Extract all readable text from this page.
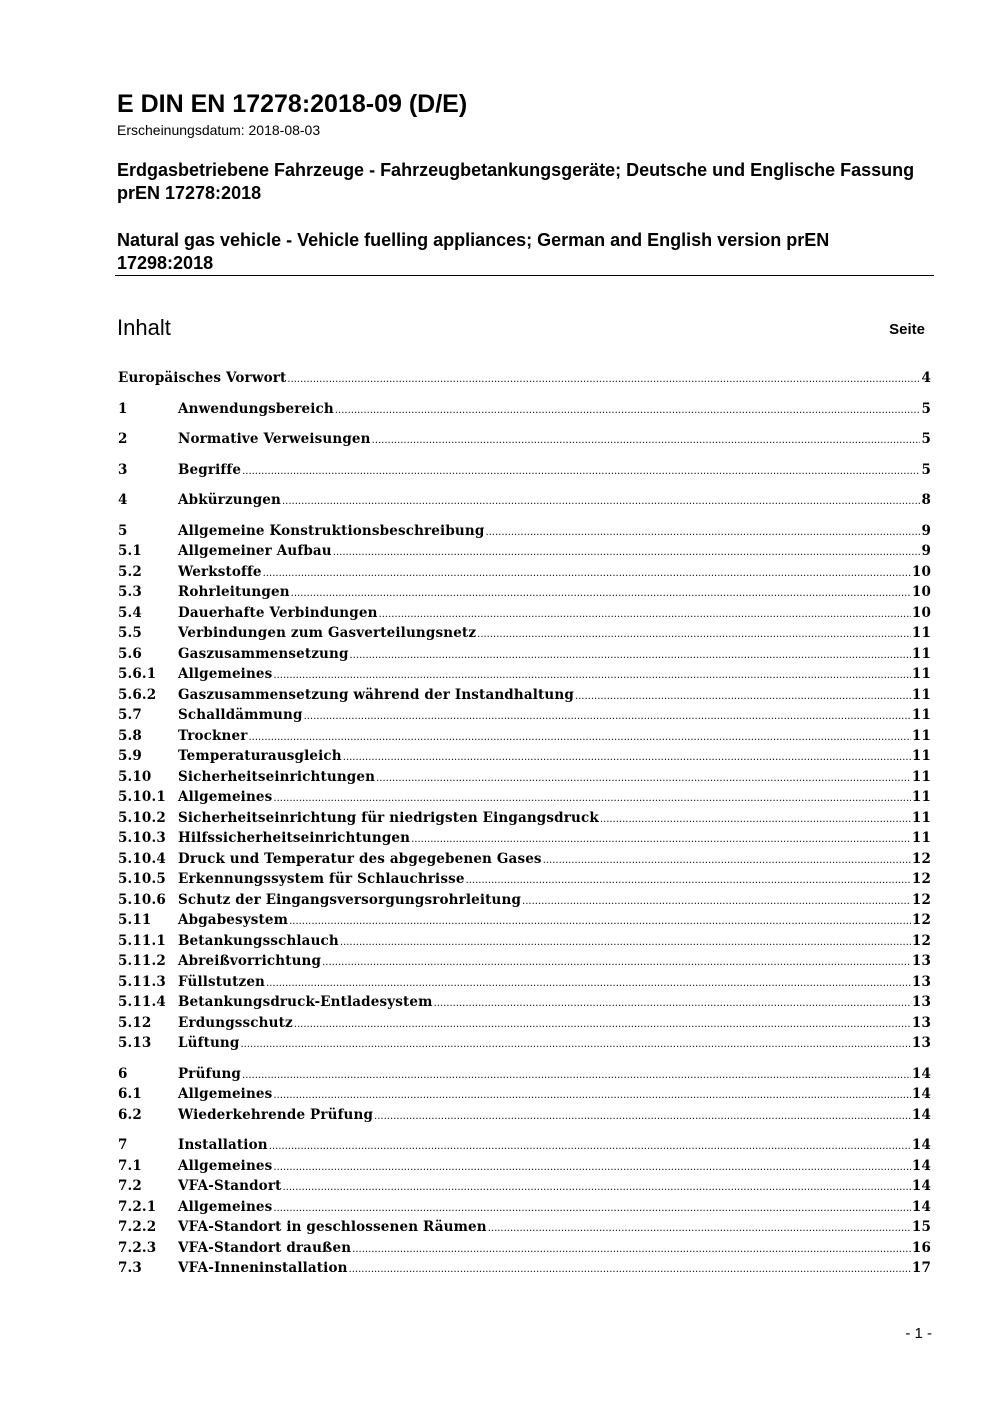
E DIN EN 17278:2018-09 (D/E)
Erscheinungsdatum: 2018-08-03
Erdgasbetriebene Fahrzeuge - Fahrzeugbetankungsgeräte; Deutsche und Englische Fassung prEN 17278:2018
Natural gas vehicle - Vehicle fuelling appliances; German and English version prEN 17298:2018
Inhalt	Seite
Europäisches Vorwort .....	4
1	Anwendungsbereich .....	5
2	Normative Verweisungen .....	5
3	Begriffe .....	5
4	Abkürzungen .....	8
5	Allgemeine Konstruktionsbeschreibung .....	9
5.1	Allgemeiner Aufbau .....	9
5.2	Werkstoffe .....	10
5.3	Rohrleitungen .....	10
5.4	Dauerhafte Verbindungen .....	10
5.5	Verbindungen zum Gasverteilungsnetz .....	11
5.6	Gaszusammensetzung .....	11
5.6.1	Allgemeines .....	11
5.6.2	Gaszusammensetzung während der Instandhaltung .....	11
5.7	Schalldämmung .....	11
5.8	Trockner .....	11
5.9	Temperaturausgleich .....	11
5.10	Sicherheitseinrichtungen .....	11
5.10.1 Allgemeines .....	11
5.10.2 Sicherheitseinrichtung für niedrigsten Eingangsdruck .....	11
5.10.3 Hilfssicherheitseinrichtungen .....	11
5.10.4 Druck und Temperatur des abgegebenen Gases .....	12
5.10.5 Erkennungssystem für Schlauchrisse .....	12
5.10.6 Schutz der Eingangsversorgungsrohrleitung .....	12
5.11	Abgabesystem .....	12
5.11.1 Betankungsschlauch .....	12
5.11.2 Abreißvorrichtung .....	13
5.11.3 Füllstutzen .....	13
5.11.4 Betankungsdruck-Entladesystem .....	13
5.12	Erdungsschutz .....	13
5.13	Lüftung .....	13
6	Prüfung .....	14
6.1	Allgemeines .....	14
6.2	Wiederkehrende Prüfung .....	14
7	Installation .....	14
7.1	Allgemeines .....	14
7.2	VFA-Standort .....	14
7.2.1	Allgemeines .....	14
7.2.2	VFA-Standort in geschlossenen Räumen .....	15
7.2.3	VFA-Standort draußen .....	16
7.3	VFA-Inneninstallation .....	17
- 1 -
